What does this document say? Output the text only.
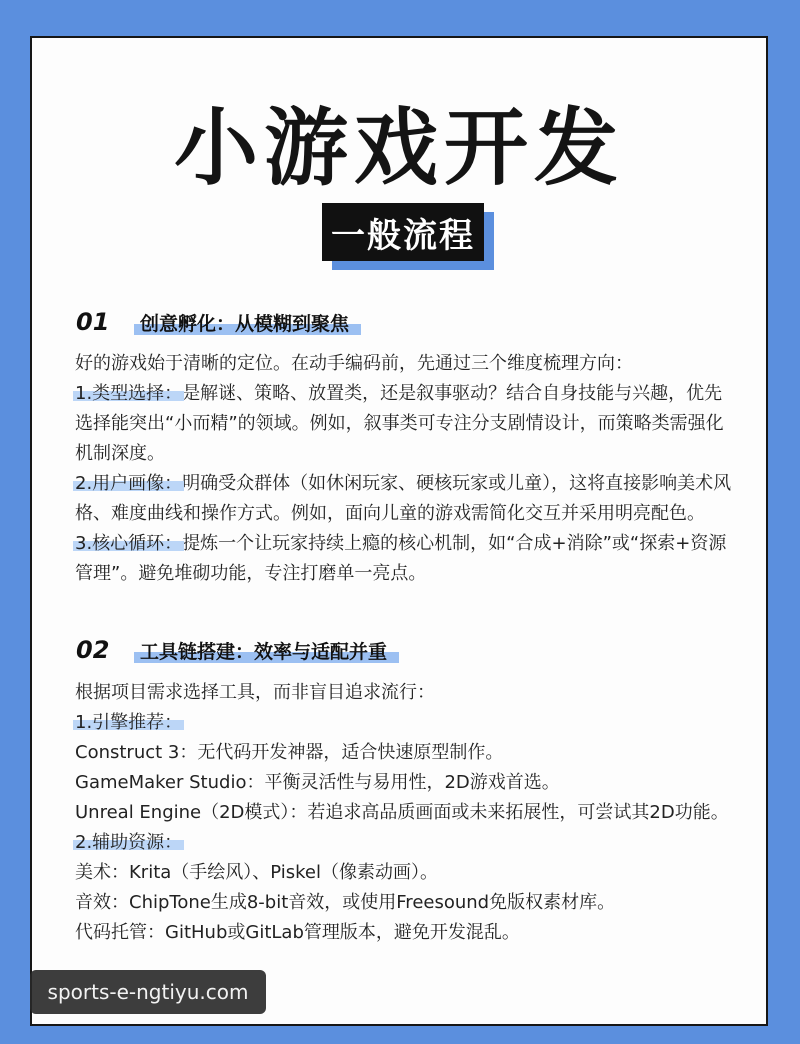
小游戏开发
一般流程
01	创意孵化：从模糊到聚焦

好的游戏始于清晰的定位。在动手编码前，先通过三个维度梳理方向：

1.类型选择：是解谜、策略、放置类，还是叙事驱动？结合自身技能与兴趣，优先选择能突出“小而精”的领域。例如，叙事类可专注分支剧情设计，而策略类需强化机制深度。

2.用户画像：明确受众群体（如休闲玩家、硬核玩家或儿童），这将直接影响美术风格、难度曲线和操作方式。例如，面向儿童的游戏需简化交互并采用明亮配色。

3.核心循环：提炼一个让玩家持续上瘾的核心机制，如“合成+消除”或“探索+资源管理”。避免堆砌功能，专注打磨单一亮点。

02	工具链搭建：效率与适配并重

根据项目需求选择工具，而非盲目追求流行：

1.引擎推荐：

Construct 3：无代码开发神器，适合快速原型制作。

GameMaker Studio：平衡灵活性与易用性，2D游戏首选。

Unreal Engine（2D模式）：若追求高品质画面或未来拓展性，可尝试其2D功能。

2.辅助资源：

美术：Krita（手绘风）、Piskel（像素动画）。

音效：ChipTone生成8-bit音效，或使用Freesound免版权素材库。

代码托管：GitHub或GitLab管理版本，避免开发混乱。

sports-e-ngtiyu.com
